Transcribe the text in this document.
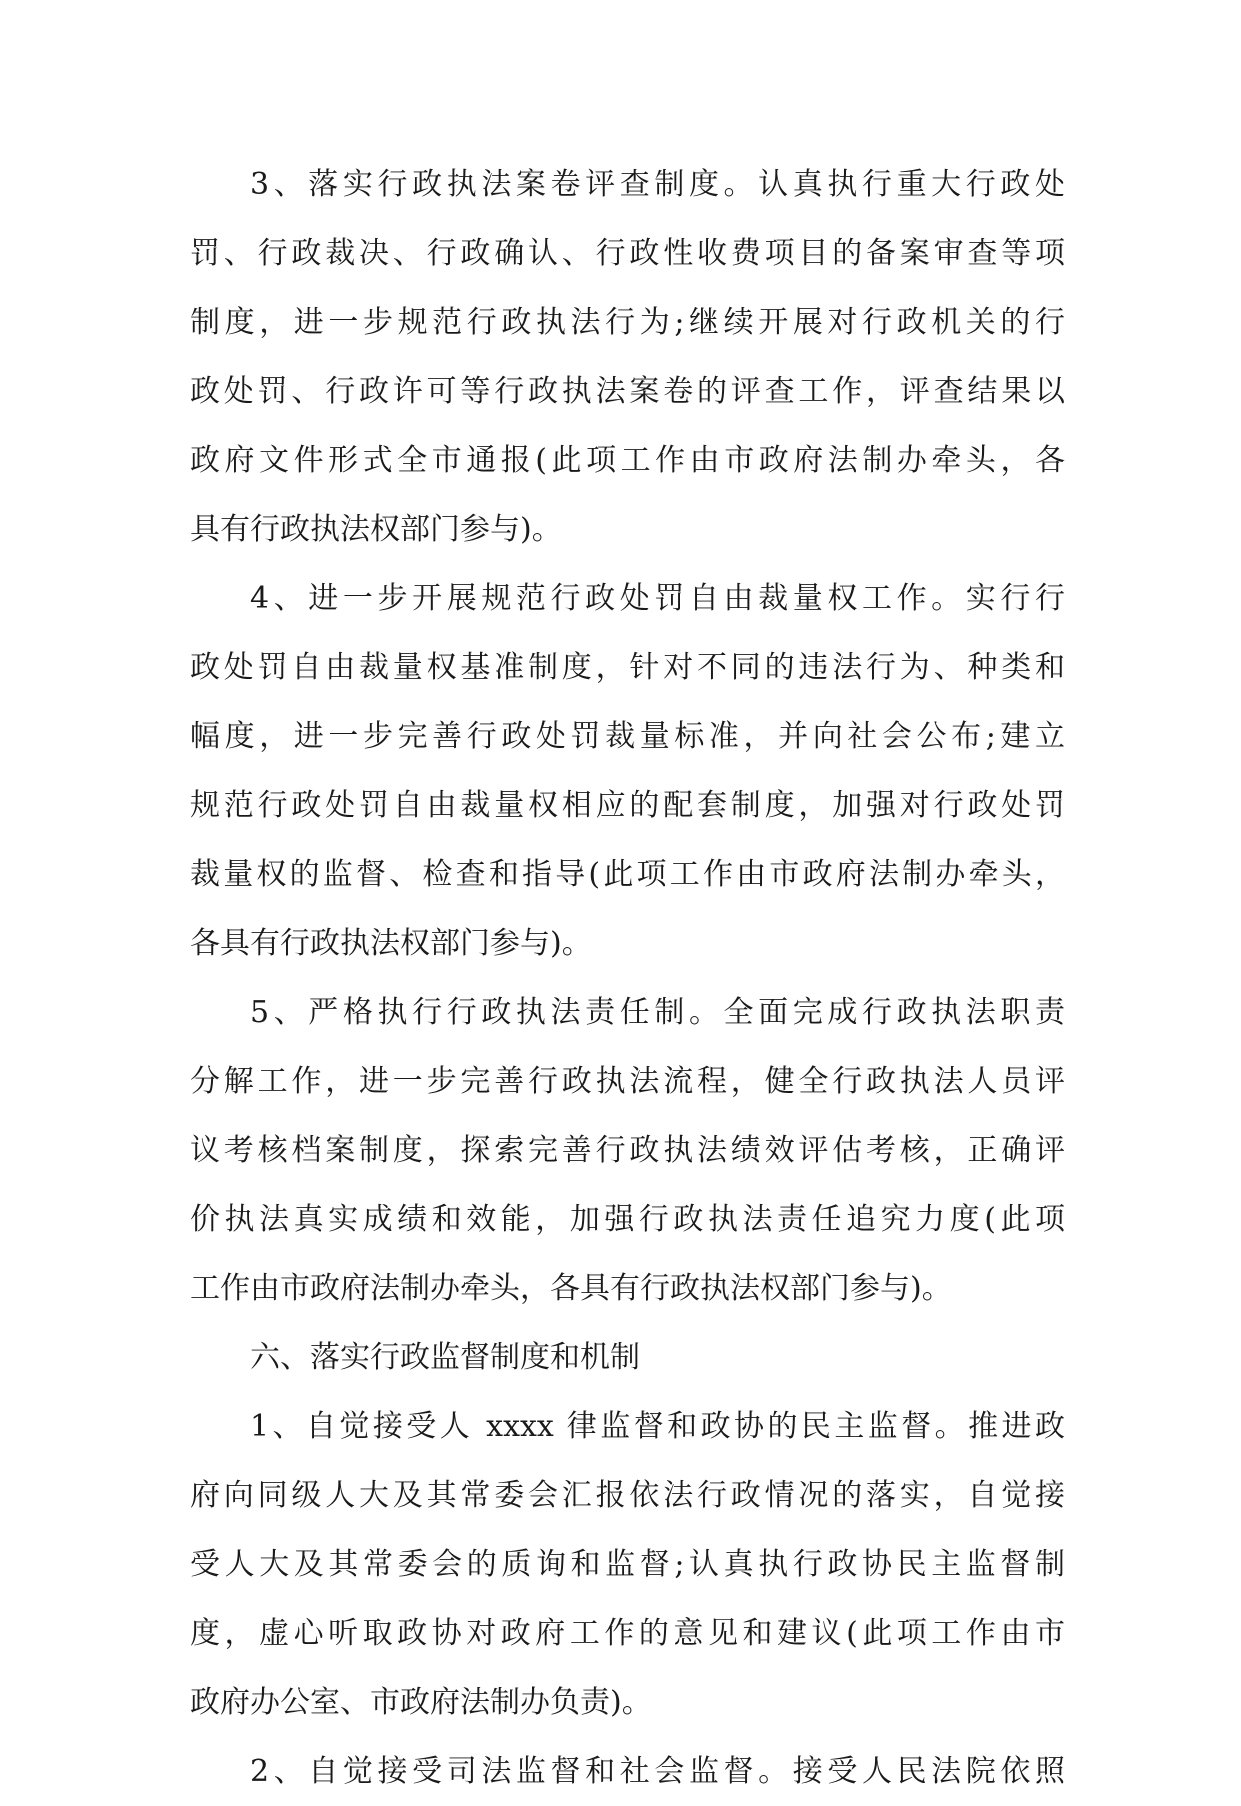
3、落实行政执法案卷评查制度。认真执行重大行政处
罚、行政裁决、行政确认、行政性收费项目的备案审查等项
制度，进一步规范行政执法行为;继续开展对行政机关的行
政处罚、行政许可等行政执法案卷的评查工作，评查结果以
政府文件形式全市通报(此项工作由市政府法制办牵头，各
具有行政执法权部门参与)。
4、进一步开展规范行政处罚自由裁量权工作。实行行
政处罚自由裁量权基准制度，针对不同的违法行为、种类和
幅度，进一步完善行政处罚裁量标准，并向社会公布;建立
规范行政处罚自由裁量权相应的配套制度，加强对行政处罚
裁量权的监督、检查和指导(此项工作由市政府法制办牵头，
各具有行政执法权部门参与)。
5、严格执行行政执法责任制。全面完成行政执法职责
分解工作，进一步完善行政执法流程，健全行政执法人员评
议考核档案制度，探索完善行政执法绩效评估考核，正确评
价执法真实成绩和效能，加强行政执法责任追究力度(此项
工作由市政府法制办牵头，各具有行政执法权部门参与)。
六、落实行政监督制度和机制
1、自觉接受人 xxxx 律监督和政协的民主监督。推进政
府向同级人大及其常委会汇报依法行政情况的落实，自觉接
受人大及其常委会的质询和监督;认真执行政协民主监督制
度，虚心听取政协对政府工作的意见和建议(此项工作由市
政府办公室、市政府法制办负责)。
2、自觉接受司法监督和社会监督。接受人民法院依照
